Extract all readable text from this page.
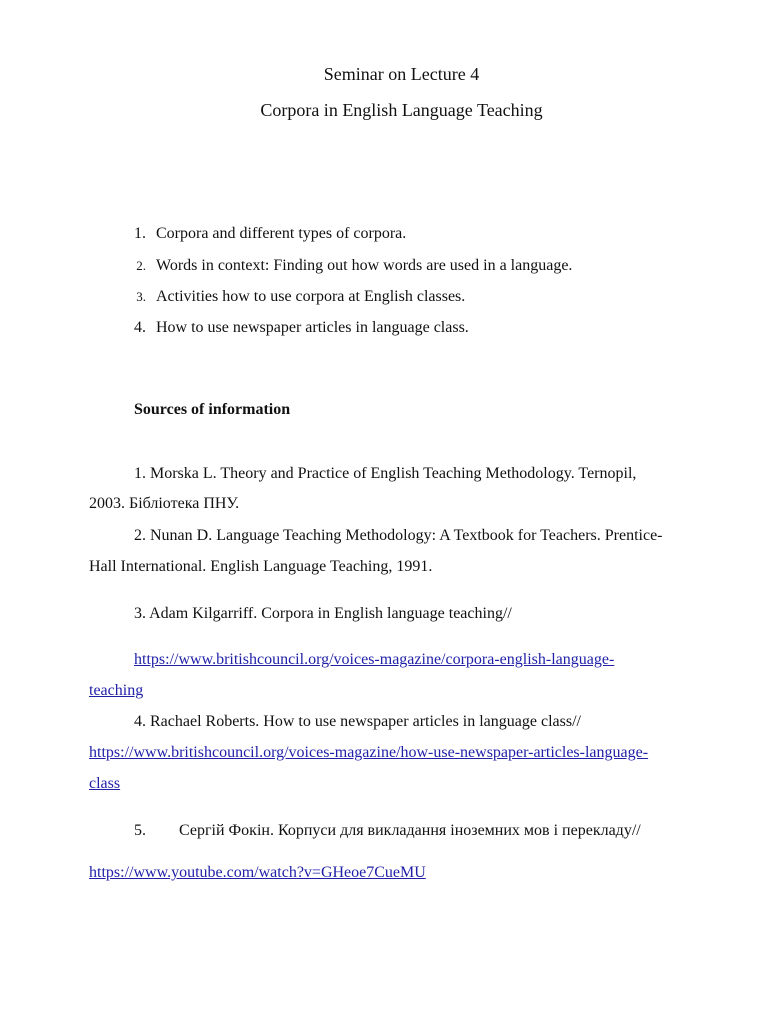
Seminar on Lecture 4
Corpora in English Language Teaching
1. Corpora and different types of corpora.
2. Words in context: Finding out how words are used in a language.
3. Activities how to use corpora at English classes.
4. How to use newspaper articles in language class.
Sources of information
1. Morska L. Theory and Practice of English Teaching Methodology. Ternopil,
2003. Бібліотека ПНУ.
2. Nunan D. Language Teaching Methodology: A Textbook for Teachers. Prentice-
Hall International. English Language Teaching, 1991.
3. Adam Kilgarriff. Corpora in English language teaching//
https://www.britishcouncil.org/voices-magazine/corpora-english-language-
teaching
4. Rachael Roberts. How to use newspaper articles in language class//
https://www.britishcouncil.org/voices-magazine/how-use-newspaper-articles-language-
class
5. Сергій Фокін. Корпуси для викладання іноземних мов і перекладу//
https://www.youtube.com/watch?v=GHeoe7CueMU
